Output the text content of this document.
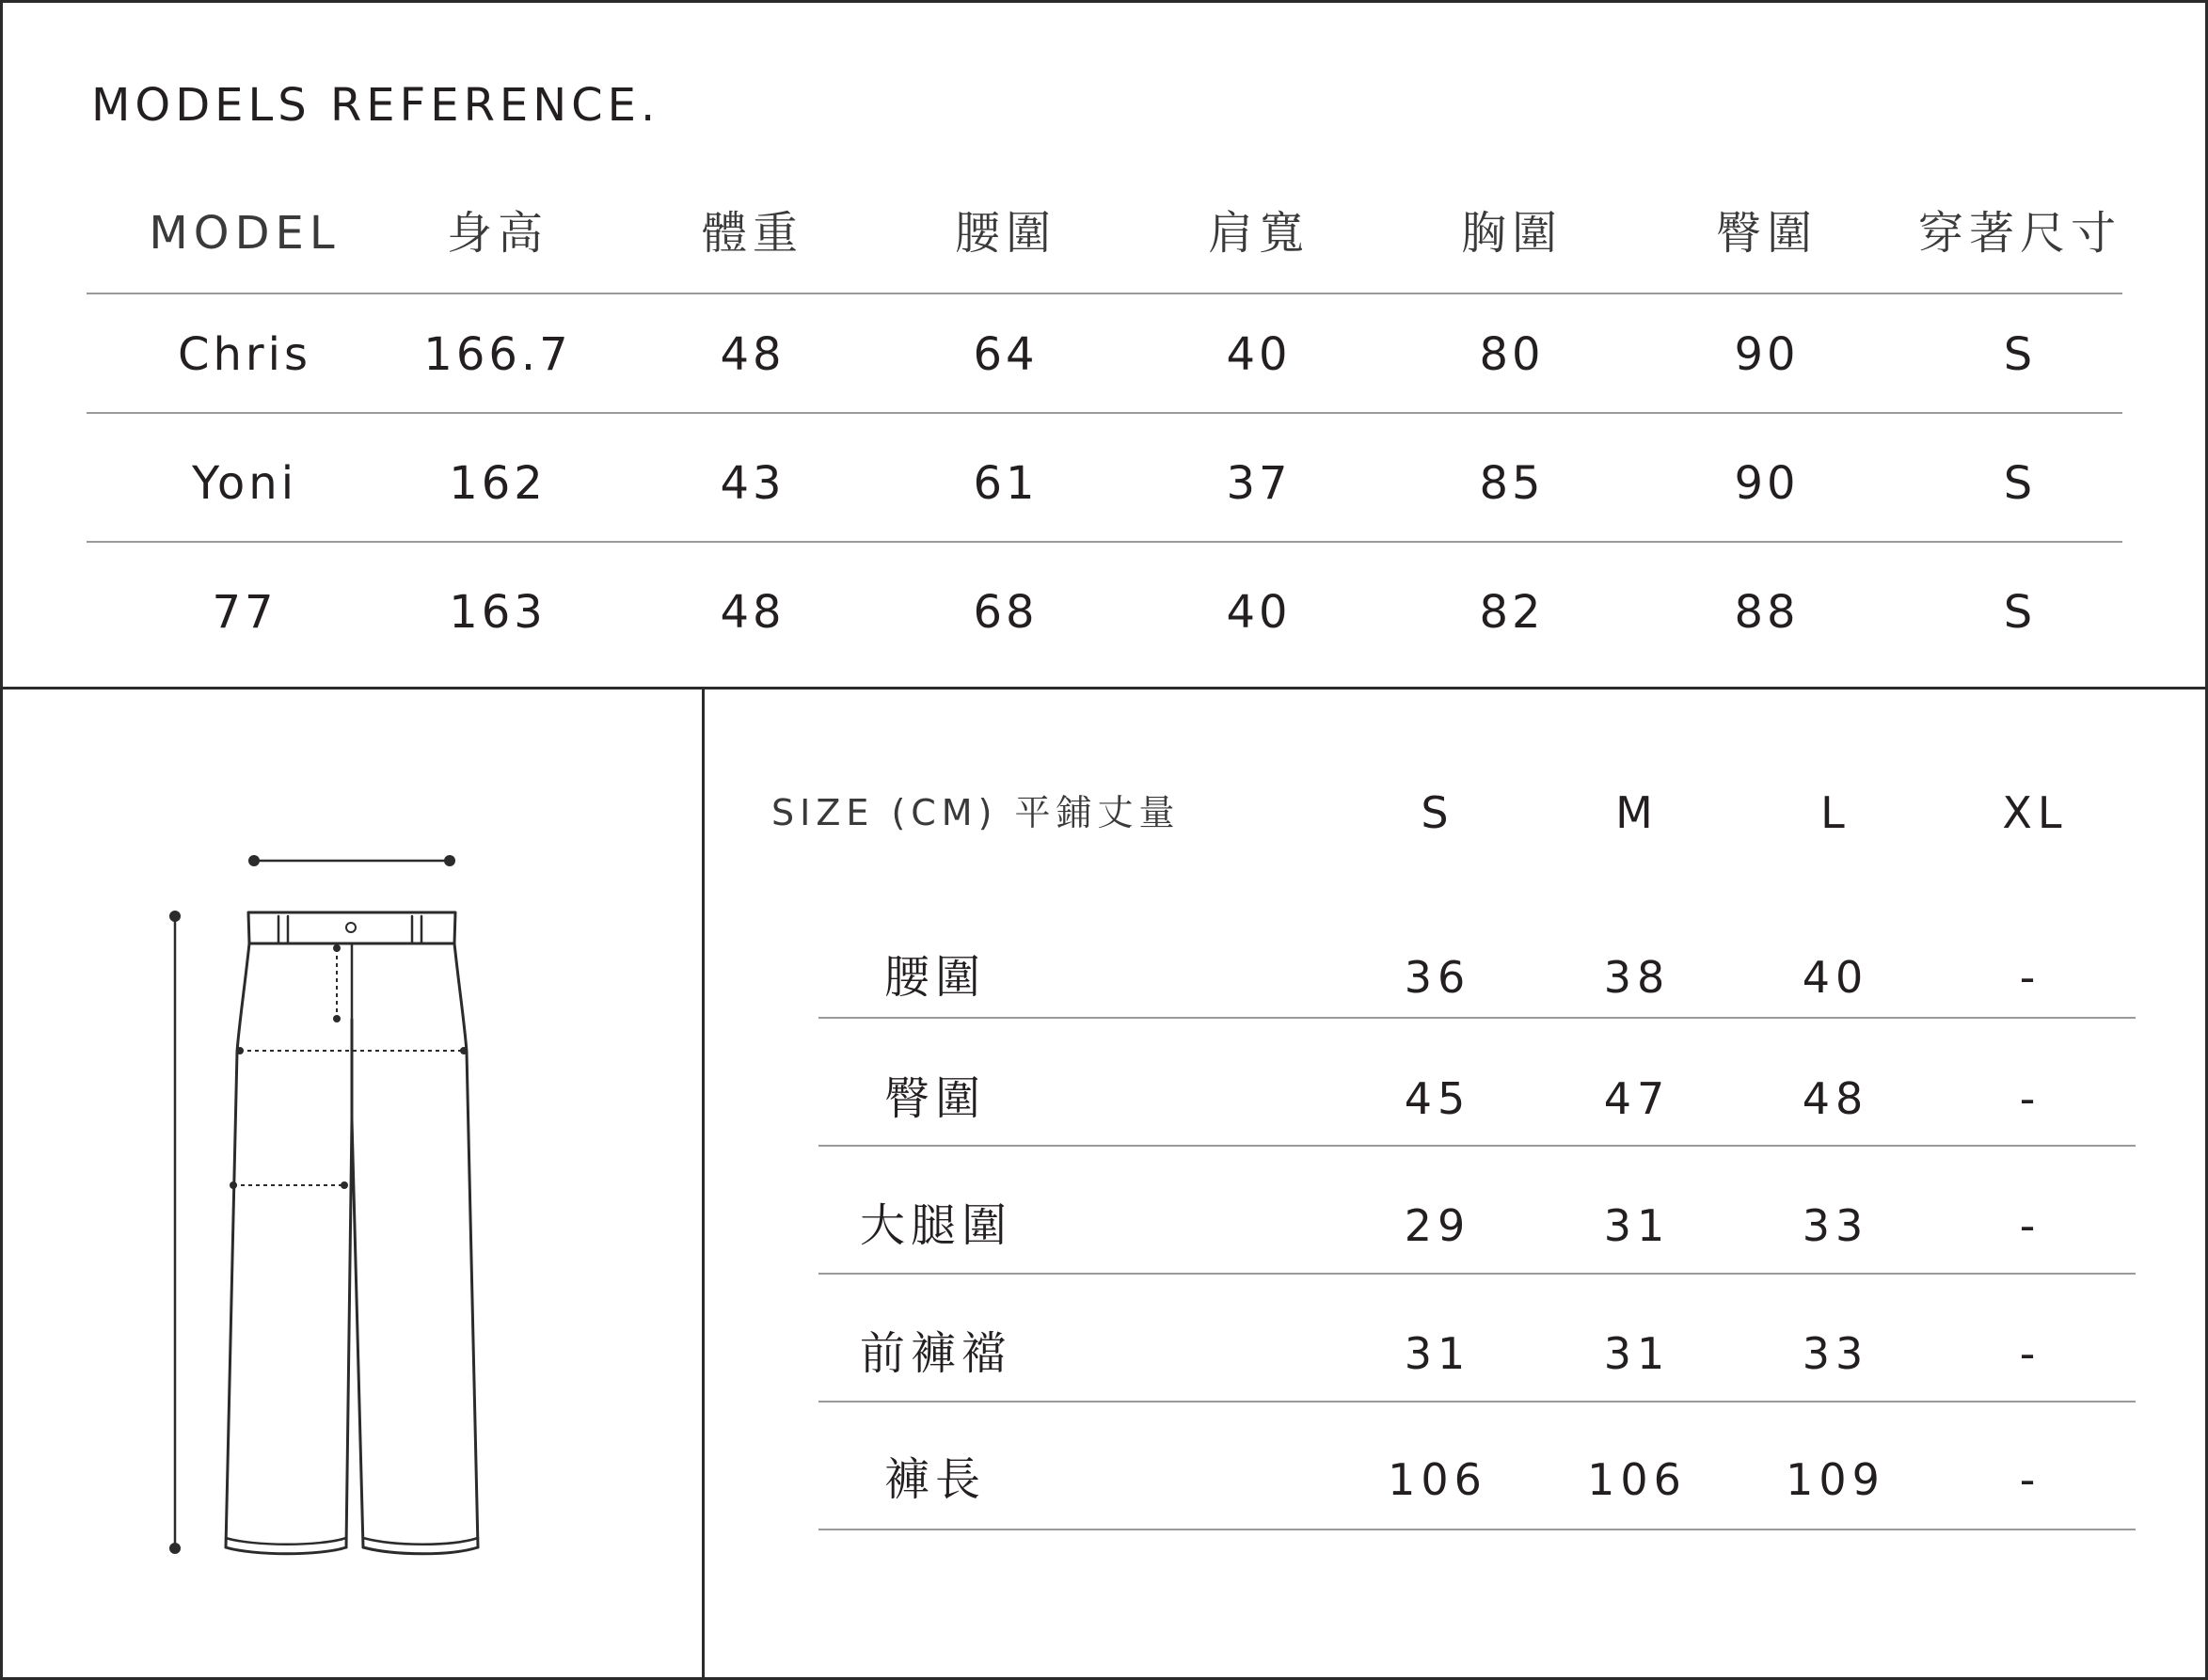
MODELS REFERENCE.
MODEL	身高	體重	腰圍	肩寬	胸圍	臀圍	穿著尺寸
Chris	166.7	48	64	40	80	90	S
Yoni	162	43	61	37	85	90	S
77	163	48	68	40	82	88	S
SIZE (CM) 平鋪丈量	S	M	L	XL
腰圍	36	38	40	-
臀圍	45	47	48	-
大腿圍	29	31	33	-
前褲襠	31	31	33	-
褲長	106	106	109	-
